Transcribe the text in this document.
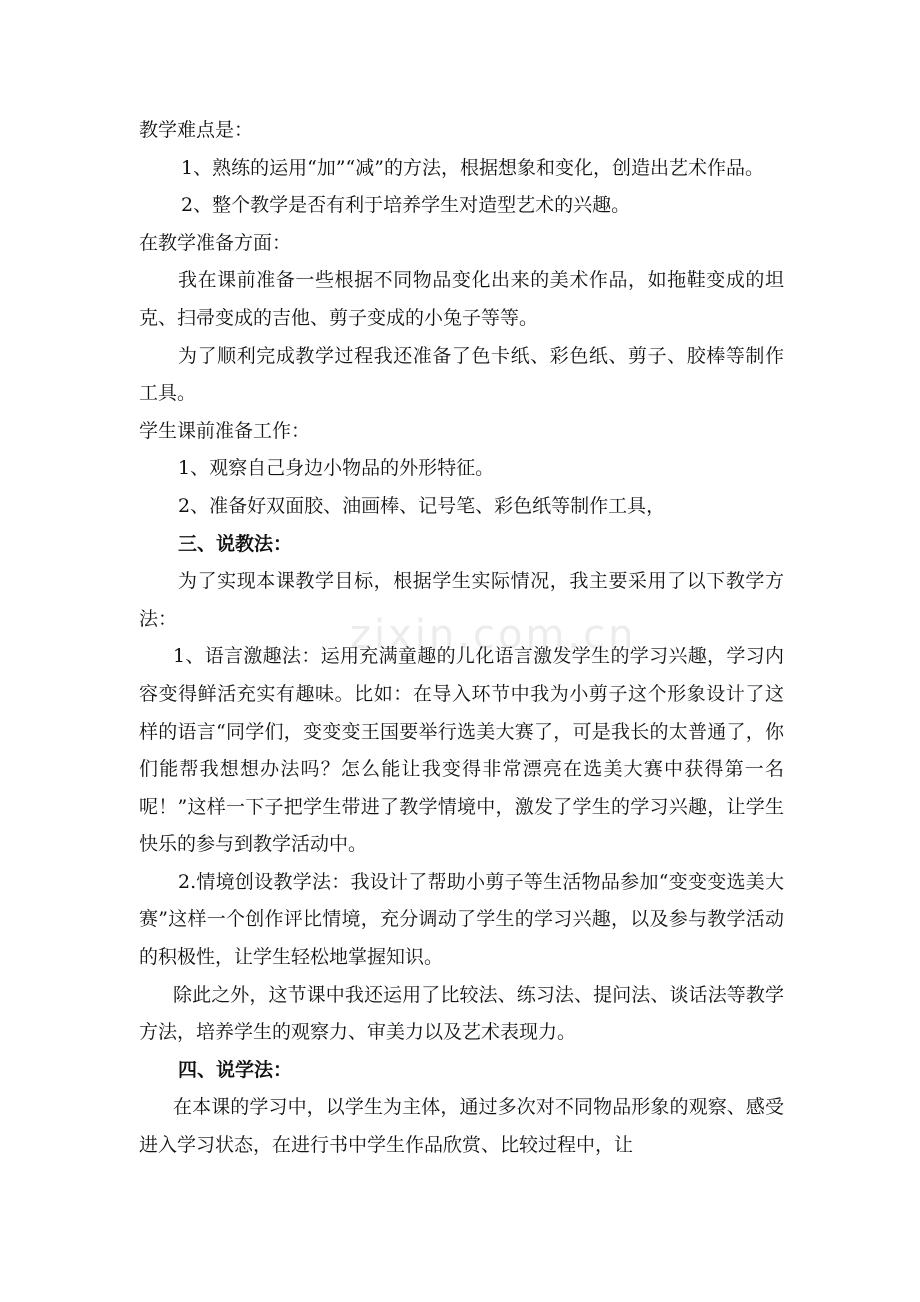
zixin.com.cn

教学难点是：

1、熟练的运用“加”“减”的方法，根据想象和变化，创造出艺术作品。

2、整个教学是否有利于培养学生对造型艺术的兴趣。

在教学准备方面：

我在课前准备一些根据不同物品变化出来的美术作品，如拖鞋变成的坦克、扫帚变成的吉他、剪子变成的小兔子等等。

为了顺利完成教学过程我还准备了色卡纸、彩色纸、剪子、胶棒等制作工具。

学生课前准备工作：

1、观察自己身边小物品的外形特征。

2、准备好双面胶、油画棒、记号笔、彩色纸等制作工具，

三、说教法：

为了实现本课教学目标，根据学生实际情况，我主要采用了以下教学方法：

1、语言激趣法：运用充满童趣的儿化语言激发学生的学习兴趣，学习内容变得鲜活充实有趣味。比如：在导入环节中我为小剪子这个形象设计了这样的语言“同学们，变变变王国要举行选美大赛了，可是我长的太普通了，你们能帮我想想办法吗？怎么能让我变得非常漂亮在选美大赛中获得第一名呢！”这样一下子把学生带进了教学情境中，激发了学生的学习兴趣，让学生快乐的参与到教学活动中。

2.情境创设教学法：我设计了帮助小剪子等生活物品参加“变变变选美大赛”这样一个创作评比情境，充分调动了学生的学习兴趣，以及参与教学活动的积极性，让学生轻松地掌握知识。

除此之外，这节课中我还运用了比较法、练习法、提问法、谈话法等教学方法，培养学生的观察力、审美力以及艺术表现力。

四、说学法：

在本课的学习中，以学生为主体，通过多次对不同物品形象的观察、感受进入学习状态，在进行书中学生作品欣赏、比较过程中，让
